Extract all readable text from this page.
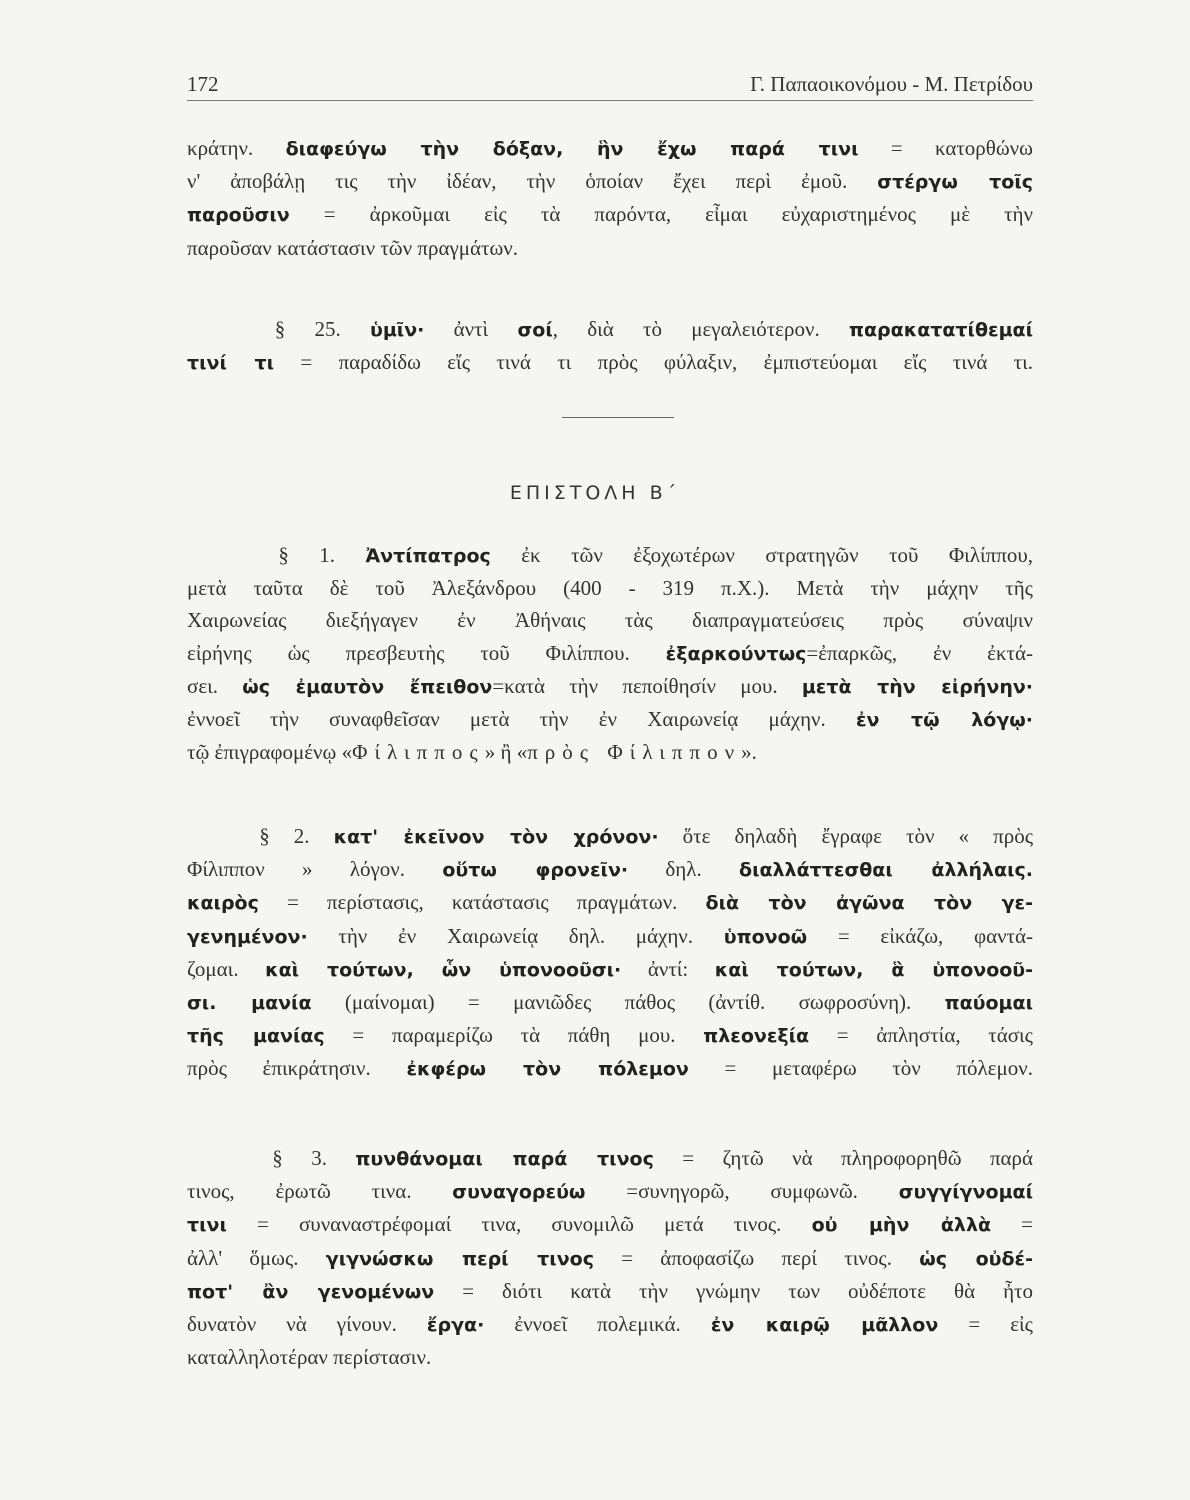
172	Γ. Παπαοικονόμου - Μ. Πετρίδου
κράτην. διαφεύγω τὴν δόξαν, ἣν ἔχω παρά τινι = κατορθώνω
ν' ἀποβάλῃ τις τὴν ἰδέαν, τὴν ὁποίαν ἔχει περὶ ἐμοῦ. στέργω τοῖς
παροῦσιν = ἀρκοῦμαι εἰς τὰ παρόντα, εἶμαι εὐχαριστημένος μὲ τὴν
παροῦσαν κατάστασιν τῶν πραγμάτων.
§ 25. ὑμῖν· ἀντὶ σοί, διὰ τὸ μεγαλειότερον. παρακατατίθεμαί
τινί τι = παραδίδω εἴς τινά τι πρὸς φύλαξιν, ἐμπιστεύομαι εἴς τινά τι.
ΕΠΙΣΤΟΛΗ Β΄
§ 1. Ἀντίπατρος ἐκ τῶν ἐξοχωτέρων στρατηγῶν τοῦ Φιλίππου,
μετὰ ταῦτα δὲ τοῦ Ἀλεξάνδρου (400 - 319 π.Χ.). Μετὰ τὴν μάχην τῆς
Χαιρωνείας διεξήγαγεν ἐν Ἀθήναις τὰς διαπραγματεύσεις πρὸς σύναψιν
εἰρήνης ὡς πρεσβευτὴς τοῦ Φιλίππου. ἐξαρκούντως=ἐπαρκῶς, ἐν ἐκτά-
σει. ὡς ἐμαυτὸν ἔπειθον=κατὰ τὴν πεποίθησίν μου. μετὰ τὴν εἰρήνην·
ἐννοεῖ τὴν συναφθεῖσαν μετὰ τὴν ἐν Χαιρωνείᾳ μάχην. ἐν τῷ λόγῳ·
τῷ ἐπιγραφομένῳ «Φίλιππος» ἢ «πρὸς Φίλιππον».
§ 2. κατ' ἐκεῖνον τὸν χρόνον· ὅτε δηλαδὴ ἔγραφε τὸν « πρὸς
Φίλιππον » λόγον. οὕτω φρονεῖν· δηλ. διαλλάττεσθαι ἀλλήλαις.
καιρὸς = περίστασις, κατάστασις πραγμάτων. διὰ τὸν ἀγῶνα τὸν γε-
γενημένον· τὴν ἐν Χαιρωνείᾳ δηλ. μάχην. ὑπονοῶ = εἰκάζω, φαντά-
ζομαι. καὶ τούτων, ὧν ὑπονοοῦσι· ἀντί: καὶ τούτων, ἃ ὑπονοοῦ-
σι. μανία (μαίνομαι) = μανιῶδες πάθος (ἀντίθ. σωφροσύνη). παύομαι
τῆς μανίας = παραμερίζω τὰ πάθη μου. πλεονεξία = ἀπληστία, τάσις
πρὸς ἐπικράτησιν. ἐκφέρω τὸν πόλεμον = μεταφέρω τὸν πόλεμον.
§ 3. πυνθάνομαι παρά τινος = ζητῶ νὰ πληροφορηθῶ παρά
τινος, ἐρωτῶ τινα. συναγορεύω =συνηγορῶ, συμφωνῶ. συγγίγνομαί
τινι = συναναστρέφομαί τινα, συνομιλῶ μετά τινος. οὐ μὴν ἀλλὰ =
ἀλλ' ὅμως. γιγνώσκω περί τινος = ἀποφασίζω περί τινος. ὡς οὐδέ-
ποτ' ἂν γενομένων = διότι κατὰ τὴν γνώμην των οὐδέποτε θὰ ἦτο
δυνατὸν νὰ γίνουν. ἔργα· ἐννοεῖ πολεμικά. ἐν καιρῷ μᾶλλον = εἰς
καταλληλοτέραν περίστασιν.
